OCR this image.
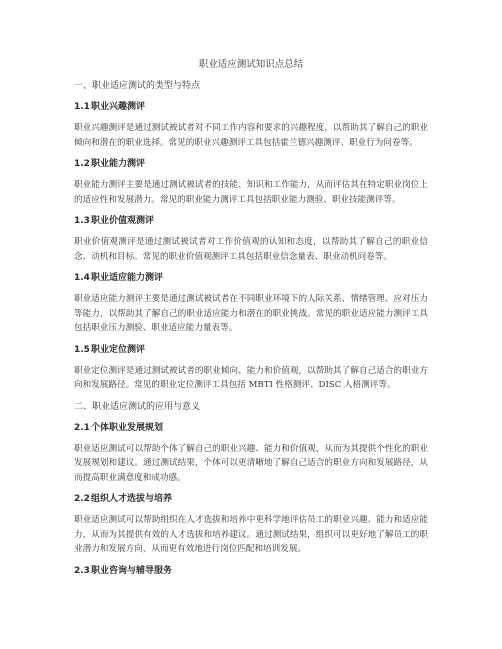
职业适应测试知识点总结
一、职业适应测试的类型与特点
1.1职业兴趣测评
职业兴趣测评是通过测试被试者对不同工作内容和要求的兴趣程度，以帮助其了解自己的职业倾向和潜在的职业选择。常见的职业兴趣测评工具包括霍兰德兴趣测评、职业行为问卷等。
1.2职业能力测评
职业能力测评主要是通过测试被试者的技能、知识和工作能力，从而评估其在特定职业岗位上的适应性和发展潜力。常见的职业能力测评工具包括职业能力测验、职业技能测评等。
1.3职业价值观测评
职业价值观测评是通过测试被试者对工作价值观的认知和态度，以帮助其了解自己的职业信念、动机和目标。常见的职业价值观测评工具包括职业信念量表、职业动机问卷等。
1.4职业适应能力测评
职业适应能力测评主要是通过测试被试者在不同职业环境下的人际关系、情绪管理、应对压力等能力，以帮助其了解自己的职业适应能力和潜在的职业挑战。常见的职业适应能力测评工具包括职业压力测验、职业适应能力量表等。
1.5职业定位测评
职业定位测评是通过测试被试者的职业倾向、能力和价值观，以帮助其了解自己适合的职业方向和发展路径。常见的职业定位测评工具包括 MBTI 性格测评、DISC 人格测评等。
二、职业适应测试的应用与意义
2.1个体职业发展规划
职业适应测试可以帮助个体了解自己的职业兴趣、能力和价值观，从而为其提供个性化的职业发展规划和建议。通过测试结果，个体可以更清晰地了解自己适合的职业方向和发展路径，从而提高职业满意度和成功感。
2.2组织人才选拔与培养
职业适应测试可以帮助组织在人才选拔和培养中更科学地评估员工的职业兴趣、能力和适应能力，从而为其提供有效的人才选拔和培养建议。通过测试结果，组织可以更好地了解员工的职业潜力和发展方向，从而更有效地进行岗位匹配和培训发展。
2.3职业咨询与辅导服务
